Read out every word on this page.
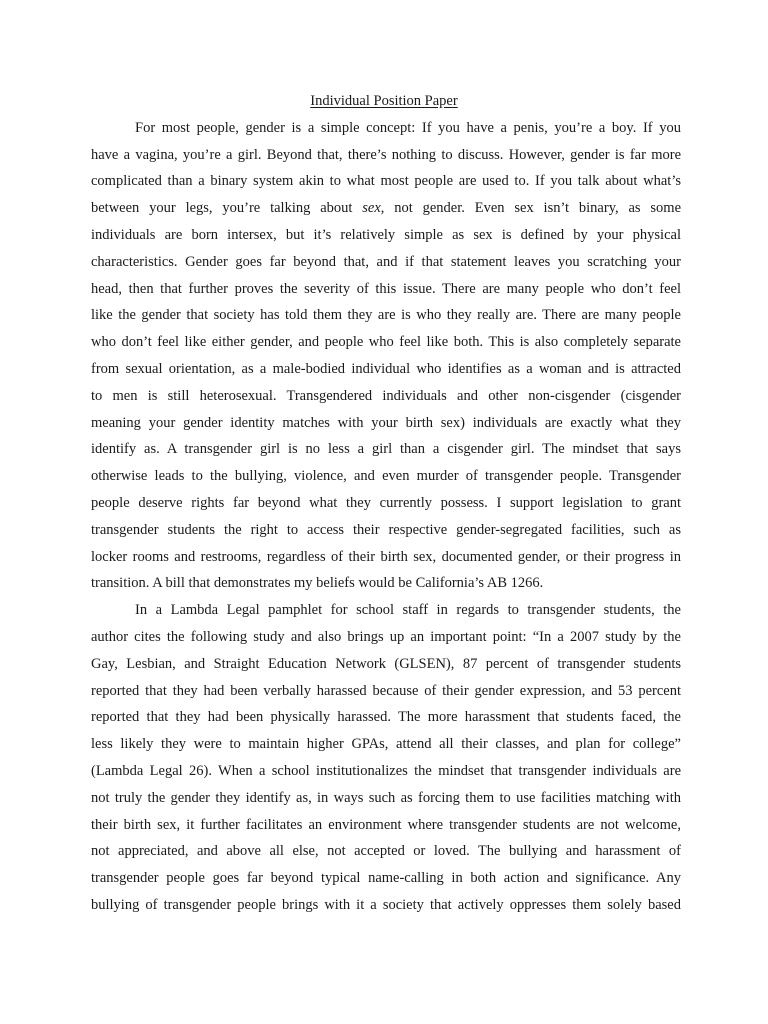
Individual Position Paper
For most people, gender is a simple concept: If you have a penis, you’re a boy. If you
have a vagina, you’re a girl. Beyond that, there’s nothing to discuss. However, gender is far more
complicated than a binary system akin to what most people are used to. If you talk about what’s
between your legs, you’re talking about sex, not gender. Even sex isn’t binary, as some
individuals are born intersex, but it’s relatively simple as sex is defined by your physical
characteristics. Gender goes far beyond that, and if that statement leaves you scratching your
head, then that further proves the severity of this issue. There are many people who don’t feel
like the gender that society has told them they are is who they really are. There are many people
who don’t feel like either gender, and people who feel like both. This is also completely separate
from sexual orientation, as a male-bodied individual who identifies as a woman and is attracted
to men is still heterosexual. Transgendered individuals and other non-cisgender (cisgender
meaning your gender identity matches with your birth sex) individuals are exactly what they
identify as. A transgender girl is no less a girl than a cisgender girl. The mindset that says
otherwise leads to the bullying, violence, and even murder of transgender people. Transgender
people deserve rights far beyond what they currently possess. I support legislation to grant
transgender students the right to access their respective gender-segregated facilities, such as
locker rooms and restrooms, regardless of their birth sex, documented gender, or their progress in
transition. A bill that demonstrates my beliefs would be California’s AB 1266.
In a Lambda Legal pamphlet for school staff in regards to transgender students, the
author cites the following study and also brings up an important point: “In a 2007 study by the
Gay, Lesbian, and Straight Education Network (GLSEN), 87 percent of transgender students
reported that they had been verbally harassed because of their gender expression, and 53 percent
reported that they had been physically harassed. The more harassment that students faced, the
less likely they were to maintain higher GPAs, attend all their classes, and plan for college”
(Lambda Legal 26). When a school institutionalizes the mindset that transgender individuals are
not truly the gender they identify as, in ways such as forcing them to use facilities matching with
their birth sex, it further facilitates an environment where transgender students are not welcome,
not appreciated, and above all else, not accepted or loved. The bullying and harassment of
transgender people goes far beyond typical name-calling in both action and significance. Any
bullying of transgender people brings with it a society that actively oppresses them solely based
